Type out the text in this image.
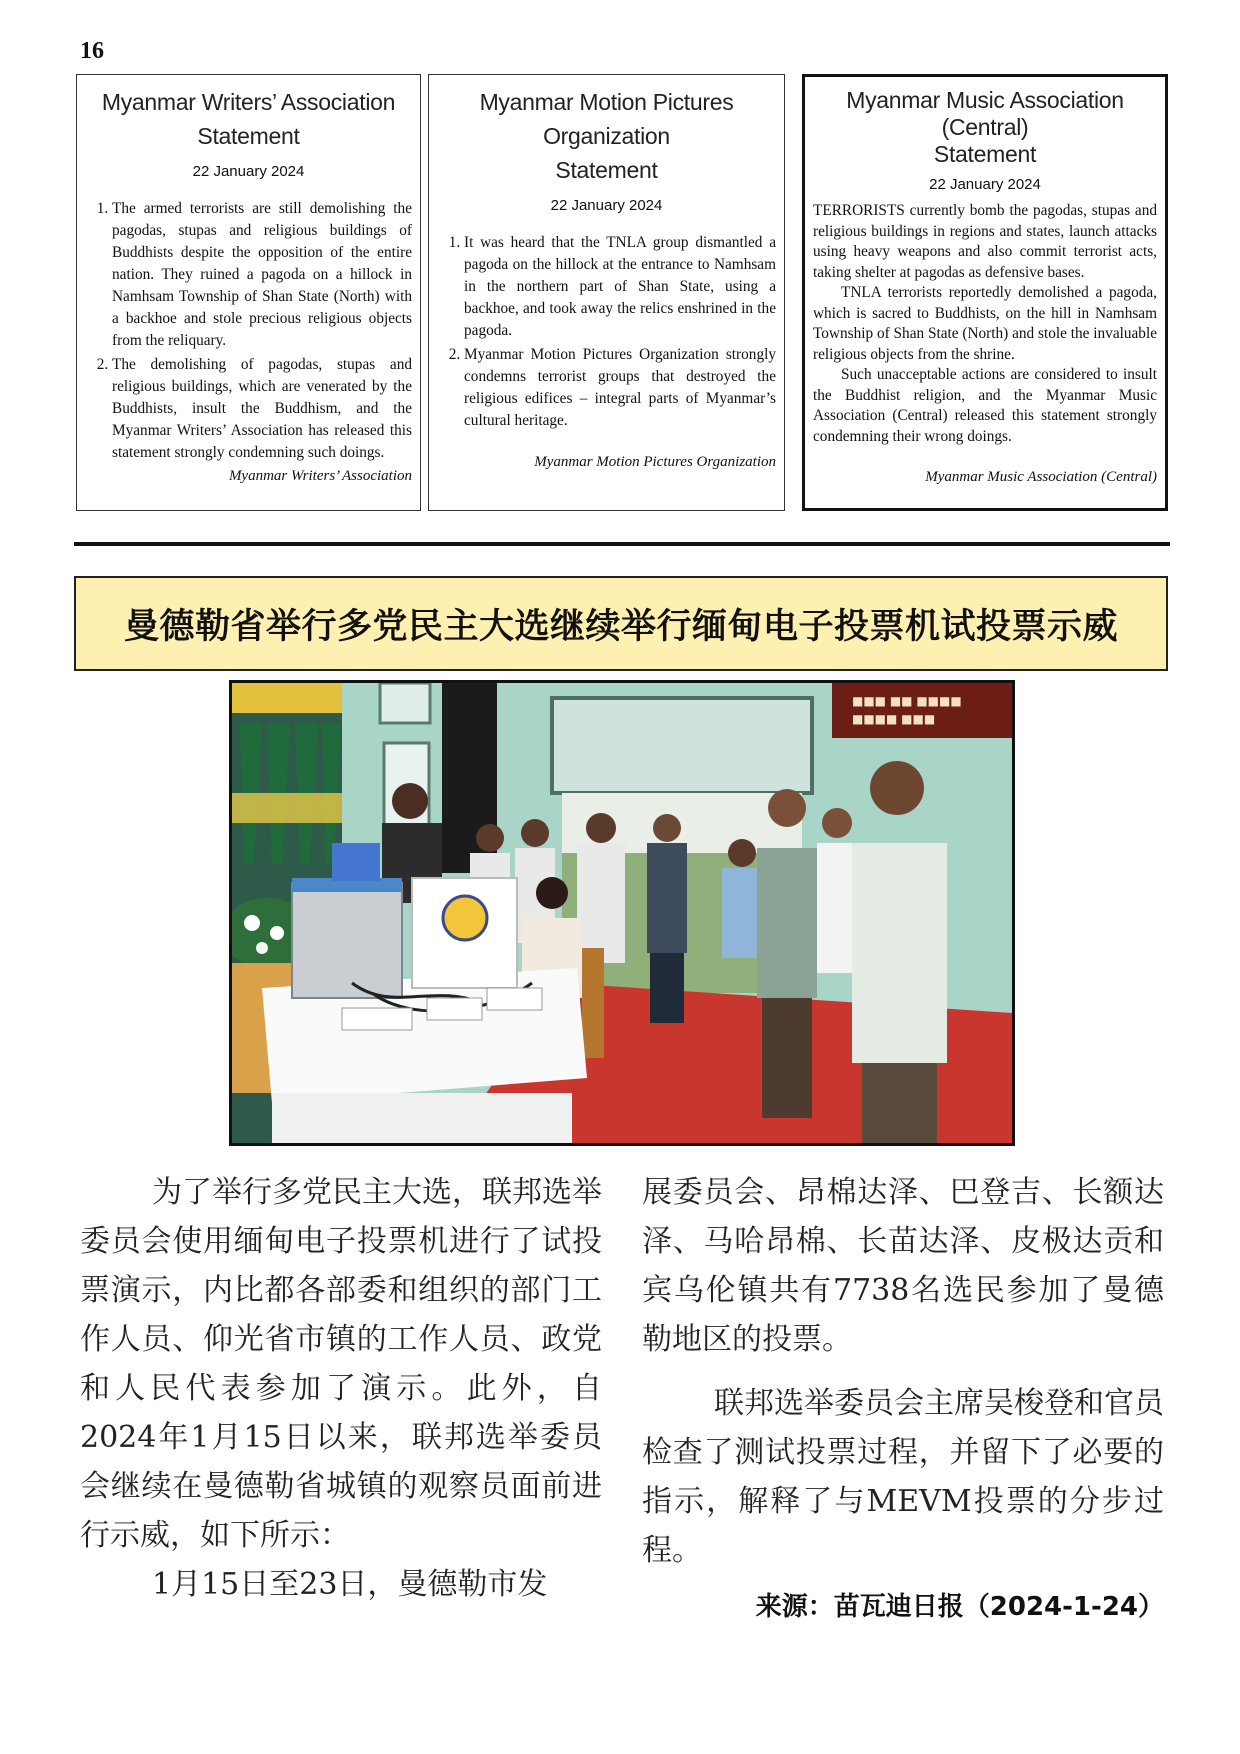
16
Myanmar Writers’ Association
Statement
22 January 2024
1. The armed terrorists are still demolishing the pagodas, stupas and religious buildings of Buddhists despite the opposition of the entire nation. They ruined a pagoda on a hillock in Namhsam Township of Shan State (North) with a backhoe and stole precious religious objects from the reliquary.
2. The demolishing of pagodas, stupas and religious buildings, which are venerated by the Buddhists, insult the Buddhism, and the Myanmar Writers’ Association has released this statement strongly condemning such doings.
Myanmar Writers’ Association
Myanmar Motion Pictures Organization
Statement
22 January 2024
1. It was heard that the TNLA group dismantled a pagoda on the hillock at the entrance to Namhsam in the northern part of Shan State, using a backhoe, and took away the relics enshrined in the pagoda.
2. Myanmar Motion Pictures Organization strongly condemns terrorist groups that destroyed the religious edifices – integral parts of Myanmar’s cultural heritage.
Myanmar Motion Pictures Organization
Myanmar Music Association
(Central)
Statement
22 January 2024

TERRORISTS currently bomb the pagodas, stupas and religious buildings in regions and states, launch attacks using heavy weapons and also commit terrorist acts, taking shelter at pagodas as defensive bases.

TNLA terrorists reportedly demolished a pagoda, which is sacred to Buddhists, on the hill in Namhsam Township of Shan State (North) and stole the invaluable religious objects from the shrine.

Such unacceptable actions are considered to insult the Buddhist religion, and the Myanmar Music Association (Central) released this statement strongly condemning their wrong doings.

Myanmar Music Association (Central)
曼德勒省举行多党民主大选继续举行缅甸电子投票机试投票示威
■■■ ■■ ■■■■
■■■■ ■■■

为了举行多党民主大选，联邦选举委员会使用缅甸电子投票机进行了试投票演示，内比都各部委和组织的部门工作人员、仰光省市镇的工作人员、政党和人民代表参加了演示。此外，自2024年1月15日以来，联邦选举委员会继续在曼德勒省城镇的观察员面前进行示威，如下所示：

1月15日至23日，曼德勒市发

展委员会、昂棉达泽、巴登吉、长额达泽、马哈昂棉、长苗达泽、皮极达贡和宾乌伦镇共有7738名选民参加了曼德勒地区的投票。

联邦选举委员会主席吴梭登和官员检查了测试投票过程，并留下了必要的指示，解释了与MEVM投票的分步过程。

来源：苗瓦迪日报（2024-1-24）
